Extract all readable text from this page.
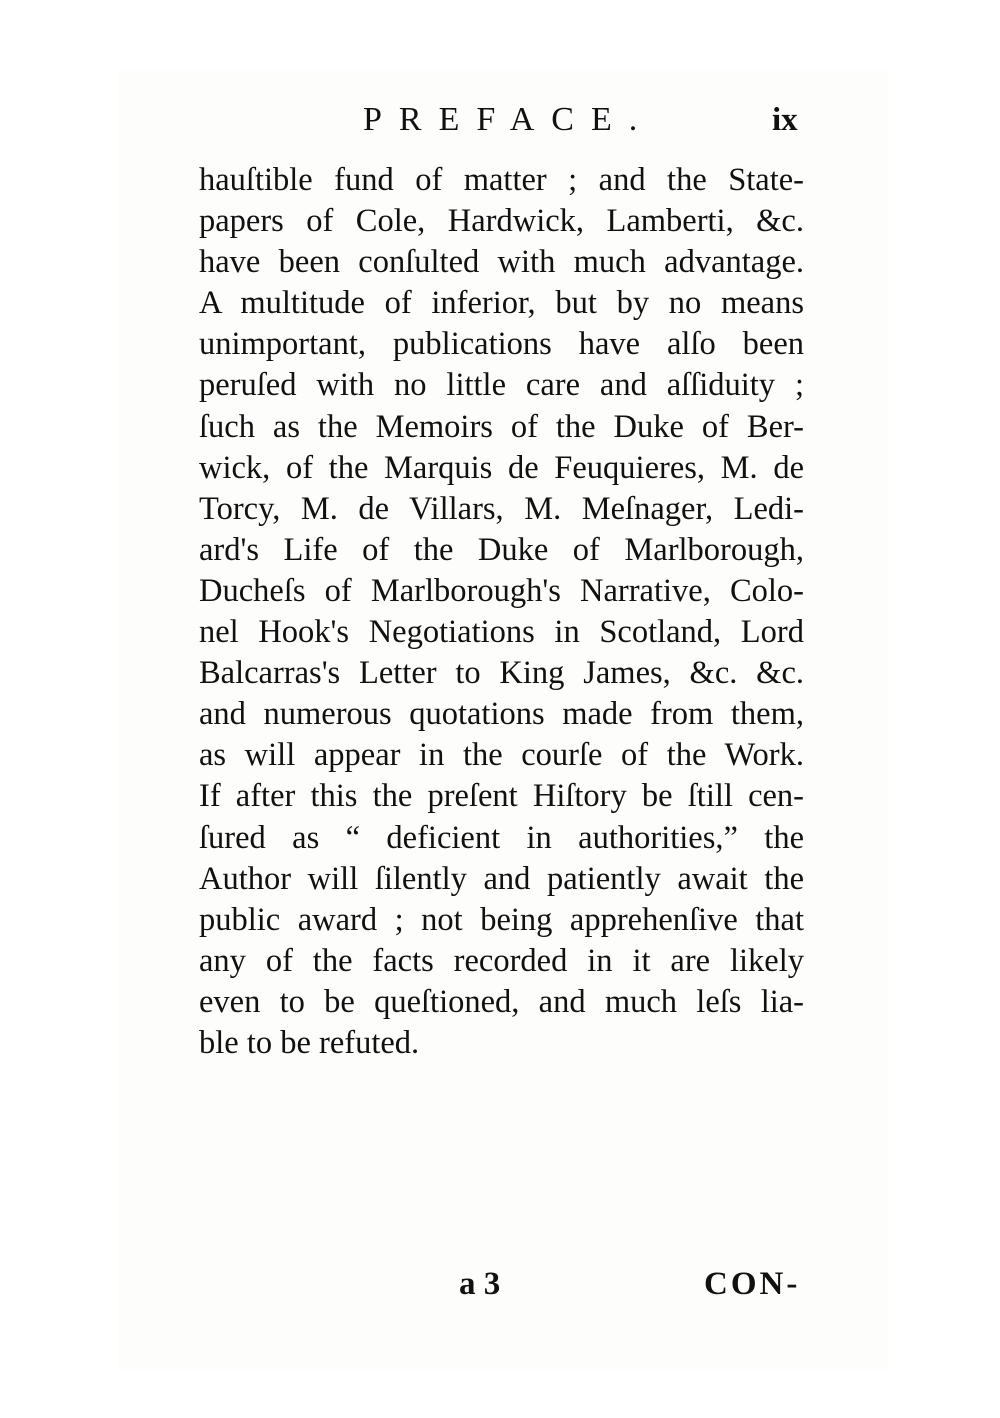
PREFACE.	ix
hauſtible fund of matter ; and the State-
papers of Cole, Hardwick, Lamberti, &c.
have been conſulted with much advantage.
A multitude of inferior, but by no means
unimportant, publications have alſo been
peruſed with no little care and aſſiduity ;
ſuch as the Memoirs of the Duke of Ber-
wick, of the Marquis de Feuquieres, M. de
Torcy, M. de Villars, M. Meſnager, Ledi-
ard's Life of the Duke of Marlborough,
Ducheſs of Marlborough's Narrative, Colo-
nel Hook's Negotiations in Scotland, Lord
Balcarras's Letter to King James, &c. &c.
and numerous quotations made from them,
as will appear in the courſe of the Work.
If after this the preſent Hiſtory be ſtill cen-
ſured as “ deficient in authorities,” the
Author will ſilently and patiently await the
public award ; not being apprehenſive that
any of the facts recorded in it are likely
even to be queſtioned, and much leſs lia-
ble to be refuted.
a 3	CON-
